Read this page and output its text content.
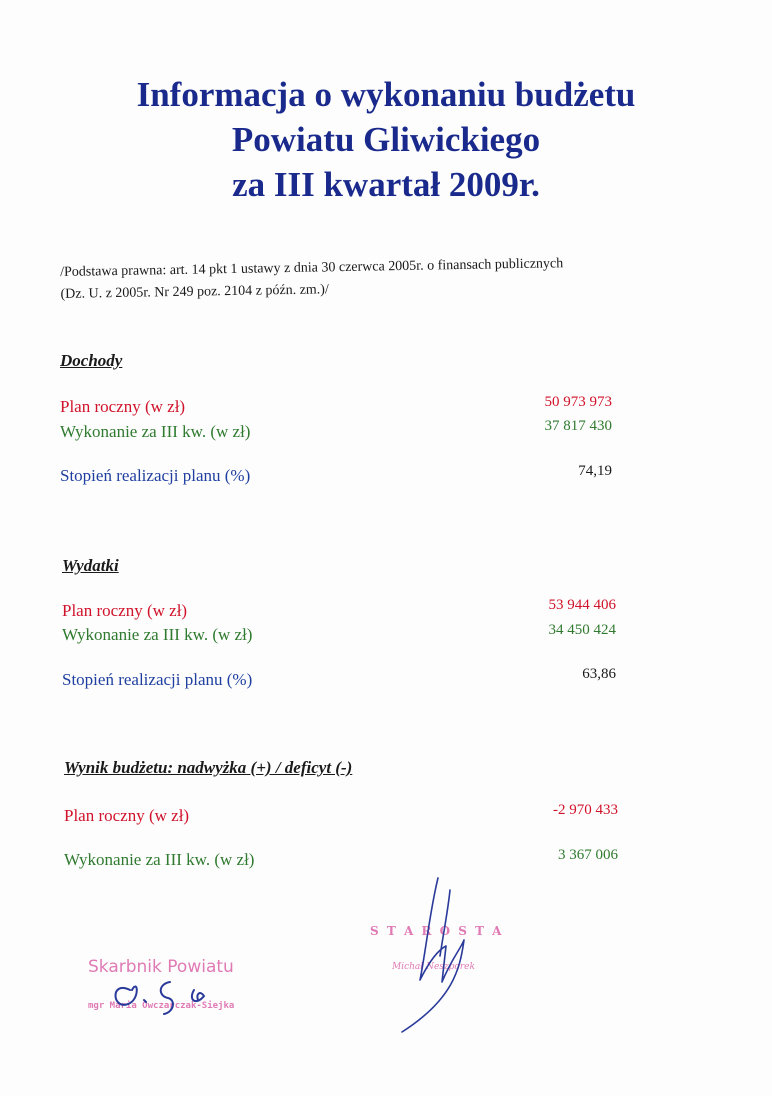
Informacja o wykonaniu budżetu
Powiatu Gliwickiego
za III kwartał 2009r.
/Podstawa prawna: art. 14 pkt 1 ustawy z dnia 30 czerwca 2005r. o finansach publicznych
(Dz. U. z 2005r. Nr 249 poz. 2104 z późn. zm.)/
Dochody
Plan roczny (w zł)	50 973 973
Wykonanie za III kw. (w zł)	37 817 430
Stopień realizacji planu (%)	74,19
Wydatki
Plan roczny (w zł)	53 944 406
Wykonanie za III kw. (w zł)	34 450 424
Stopień realizacji planu (%)	63,86
Wynik budżetu: nadwyżka (+) / deficyt (-)
Plan roczny (w zł)	-2 970 433
Wykonanie za III kw. (w zł)	3 367 006
Skarbnik Powiatu
mgr Maria Owczarczak-Siejka
S T A R O S T A
Michał Neszporek
